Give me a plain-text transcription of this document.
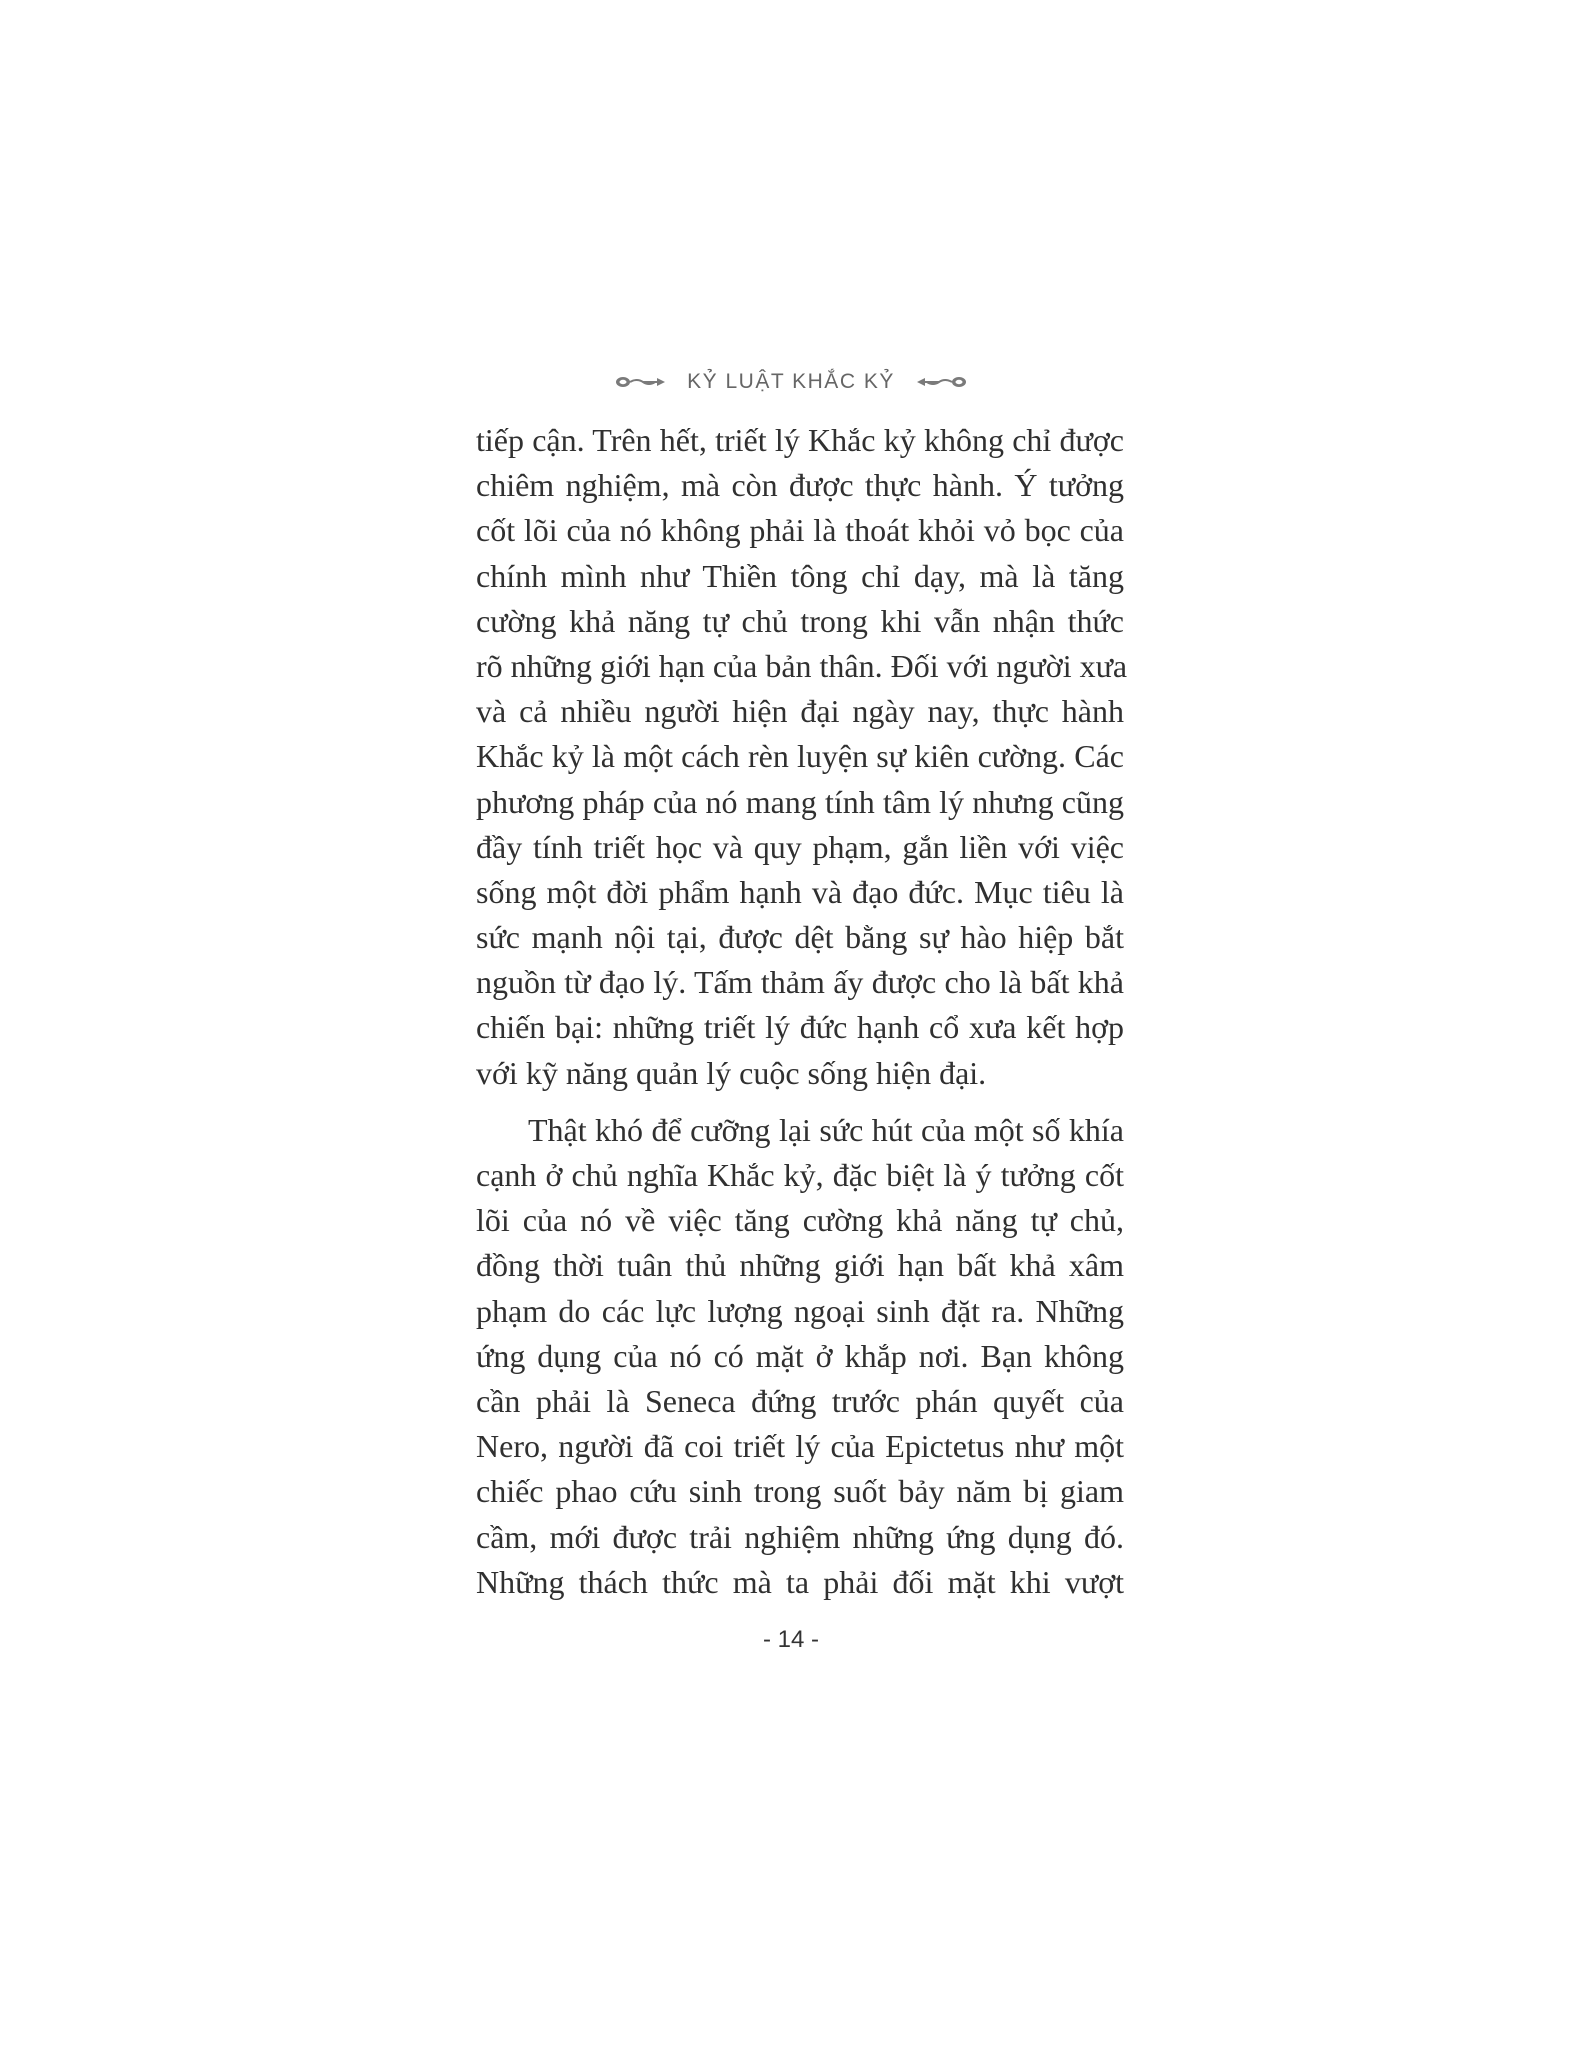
KỶ LUẬT KHẮC KỶ
tiếp cận. Trên hết, triết lý Khắc kỷ không chỉ được
chiêm nghiệm, mà còn được thực hành. Ý tưởng
cốt lõi của nó không phải là thoát khỏi vỏ bọc của
chính mình như Thiền tông chỉ dạy, mà là tăng
cường khả năng tự chủ trong khi vẫn nhận thức
rõ những giới hạn của bản thân. Đối với người xưa
và cả nhiều người hiện đại ngày nay, thực hành
Khắc kỷ là một cách rèn luyện sự kiên cường. Các
phương pháp của nó mang tính tâm lý nhưng cũng
đầy tính triết học và quy phạm, gắn liền với việc
sống một đời phẩm hạnh và đạo đức. Mục tiêu là
sức mạnh nội tại, được dệt bằng sự hào hiệp bắt
nguồn từ đạo lý. Tấm thảm ấy được cho là bất khả
chiến bại: những triết lý đức hạnh cổ xưa kết hợp
với kỹ năng quản lý cuộc sống hiện đại.
Thật khó để cưỡng lại sức hút của một số khía
cạnh ở chủ nghĩa Khắc kỷ, đặc biệt là ý tưởng cốt
lõi của nó về việc tăng cường khả năng tự chủ,
đồng thời tuân thủ những giới hạn bất khả xâm
phạm do các lực lượng ngoại sinh đặt ra. Những
ứng dụng của nó có mặt ở khắp nơi. Bạn không
cần phải là Seneca đứng trước phán quyết của
Nero, người đã coi triết lý của Epictetus như một
chiếc phao cứu sinh trong suốt bảy năm bị giam
cầm, mới được trải nghiệm những ứng dụng đó.
Những thách thức mà ta phải đối mặt khi vượt
- 14 -
